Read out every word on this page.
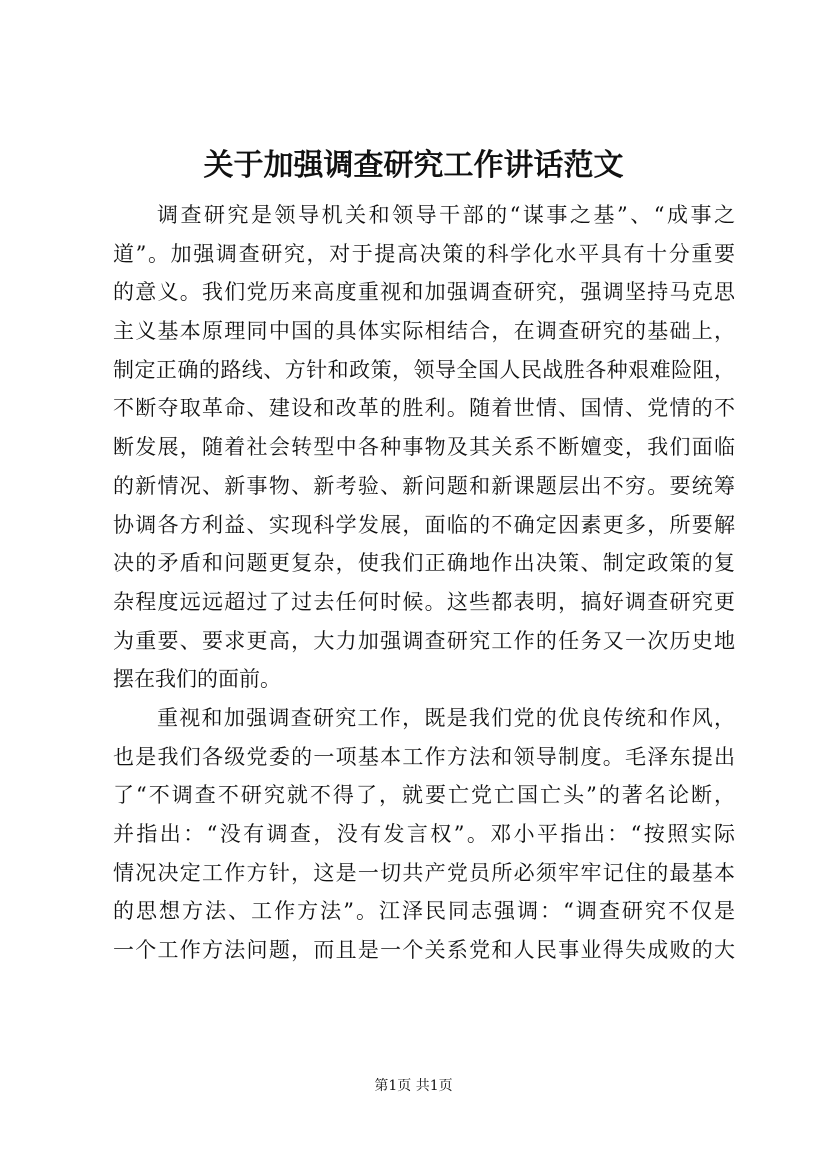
关于加强调查研究工作讲话范文
调查研究是领导机关和领导干部的“谋事之基”、“成事之
道”。加强调查研究，对于提高决策的科学化水平具有十分重要
的意义。我们党历来高度重视和加强调查研究，强调坚持马克思
主义基本原理同中国的具体实际相结合，在调查研究的基础上，
制定正确的路线、方针和政策，领导全国人民战胜各种艰难险阻，
不断夺取革命、建设和改革的胜利。随着世情、国情、党情的不
断发展，随着社会转型中各种事物及其关系不断嬗变，我们面临
的新情况、新事物、新考验、新问题和新课题层出不穷。要统筹
协调各方利益、实现科学发展，面临的不确定因素更多，所要解
决的矛盾和问题更复杂，使我们正确地作出决策、制定政策的复
杂程度远远超过了过去任何时候。这些都表明，搞好调查研究更
为重要、要求更高，大力加强调查研究工作的任务又一次历史地
摆在我们的面前。
重视和加强调查研究工作，既是我们党的优良传统和作风，
也是我们各级党委的一项基本工作方法和领导制度。毛泽东提出
了“不调查不研究就不得了，就要亡党亡国亡头”的著名论断，
并指出：“没有调查，没有发言权”。邓小平指出：“按照实际
情况决定工作方针，这是一切共产党员所必须牢牢记住的最基本
的思想方法、工作方法”。江泽民同志强调：“调查研究不仅是
一个工作方法问题，而且是一个关系党和人民事业得失成败的大
第1页 共1页
